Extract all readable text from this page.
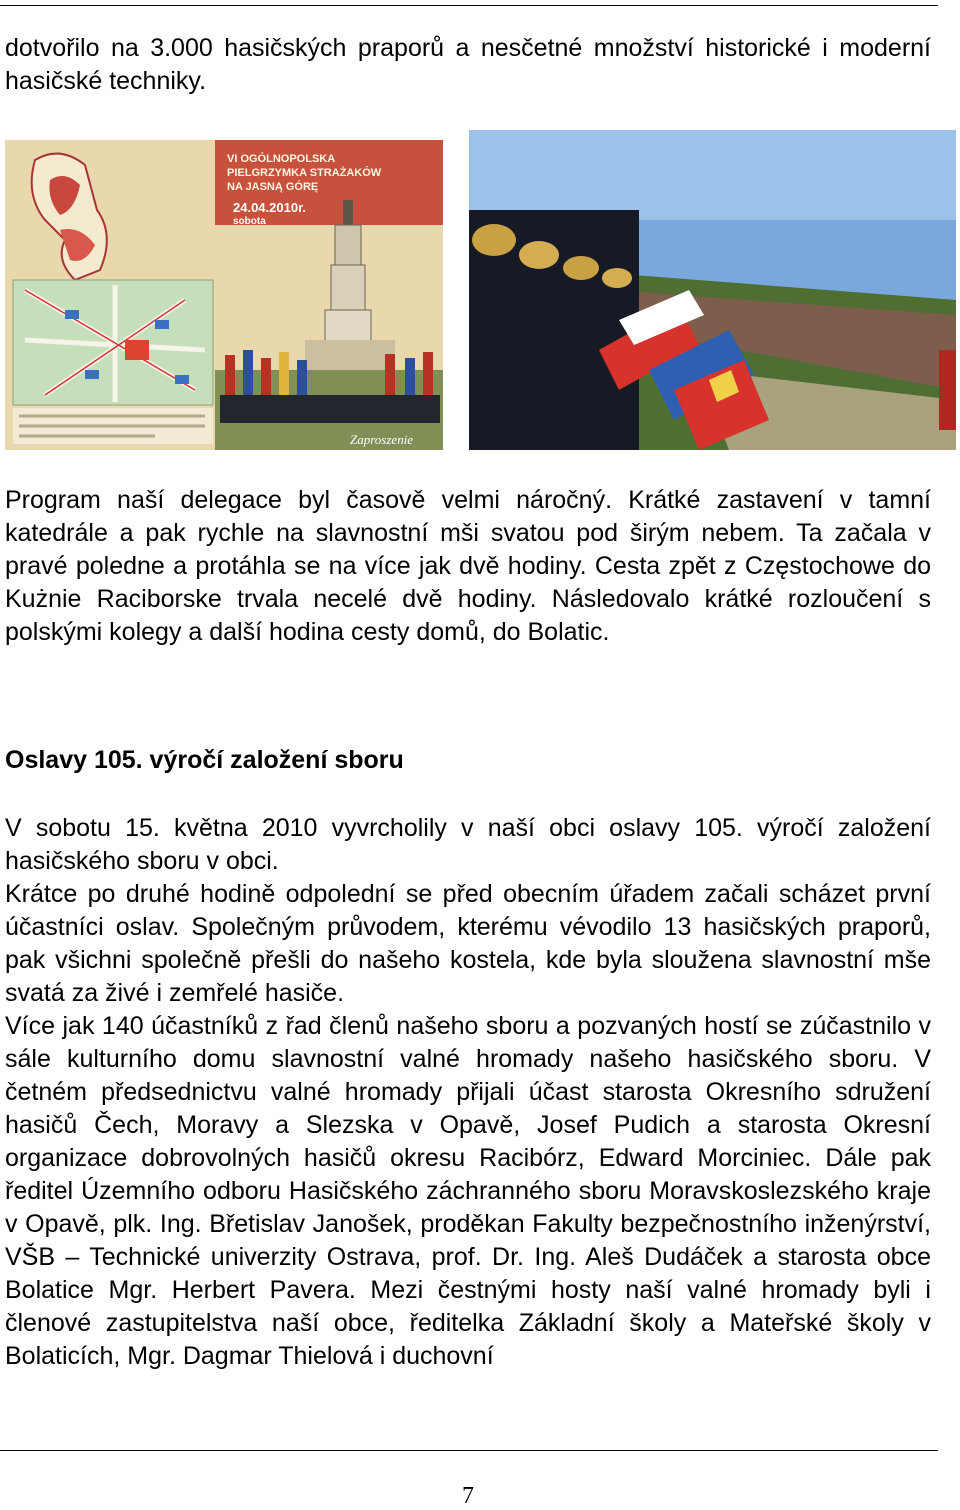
dotvořilo na 3.000 hasičských praporů a nesčetné množství historické i moderní hasičské techniky.

VI OGÓLNOPOLSKA
PIELGRZYMKA STRAŻAKÓW
NA JASNĄ GÓRĘ
24.04.2010r.
sobota
Zaproszenie

Program naší delegace byl časově velmi náročný. Krátké zastavení v tamní katedrále a pak rychle na slavnostní mši svatou pod širým nebem. Ta začala v pravé poledne a protáhla se na více jak dvě hodiny. Cesta zpět z Częstochowe do Kużnie Raciborske trvala necelé dvě hodiny. Následovalo krátké rozloučení s polskými kolegy a další hodina cesty domů, do Bolatic.

Oslavy 105. výročí založení sboru

V sobotu 15. května 2010 vyvrcholily v naší obci oslavy 105. výročí založení hasičského sboru v obci.

Krátce po druhé hodině odpolední se před obecním úřadem začali scházet první účastníci oslav. Společným průvodem, kterému vévodilo 13 hasičských praporů, pak všichni společně přešli do našeho kostela, kde byla sloužena slavnostní mše svatá za živé i zemřelé hasiče.

Více jak 140 účastníků z řad členů našeho sboru a pozvaných hostí se zúčastnilo v sále kulturního domu slavnostní valné hromady našeho hasičského sboru. V četném předsednictvu valné hromady přijali účast starosta Okresního sdružení hasičů Čech, Moravy a Slezska v Opavě, Josef Pudich a starosta Okresní organizace dobrovolných hasičů okresu Racibórz, Edward Morciniec. Dále pak ředitel Územního odboru Hasičského záchranného sboru Moravskoslezského kraje v Opavě, plk. Ing. Břetislav Janošek, proděkan Fakulty bezpečnostního inženýrství, VŠB – Technické univerzity Ostrava, prof. Dr. Ing. Aleš Dudáček a starosta obce Bolatice Mgr. Herbert Pavera. Mezi čestnými hosty naší valné hromady byli i členové zastupitelstva naší obce, ředitelka Základní školy a Mateřské školy v Bolaticích, Mgr. Dagmar Thielová i duchovní

7
